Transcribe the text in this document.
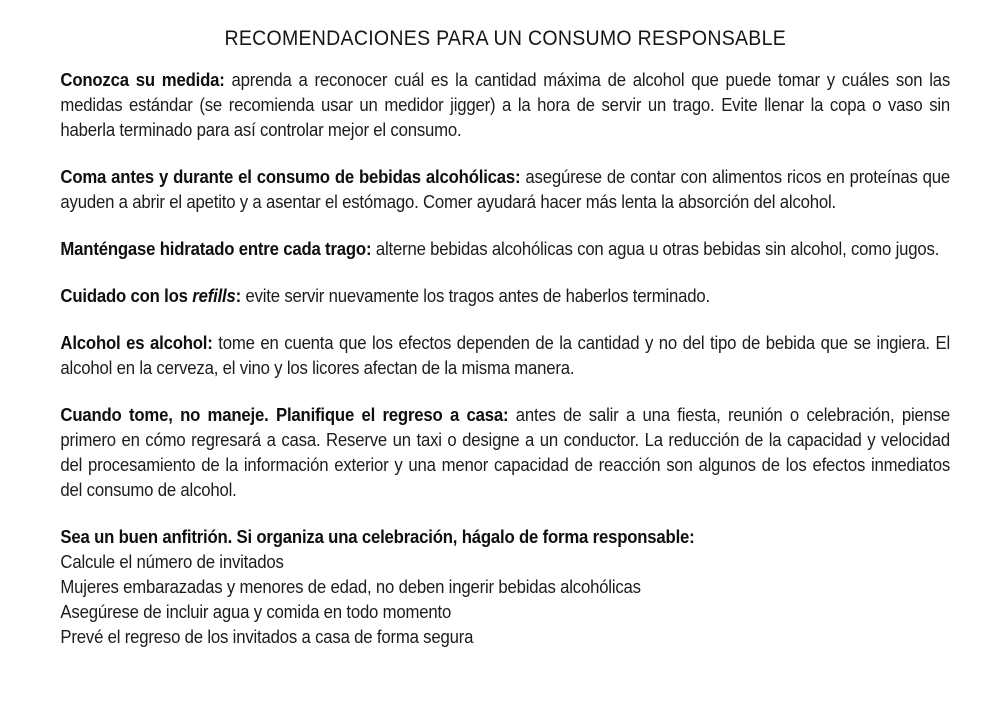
RECOMENDACIONES PARA UN CONSUMO RESPONSABLE

Conozca su medida: aprenda a reconocer cuál es la cantidad máxima de alcohol que puede tomar y cuáles son las medidas estándar (se recomienda usar un medidor jigger) a la hora de servir un trago. Evite llenar la copa o vaso sin haberla terminado para así controlar mejor el consumo.

Coma antes y durante el consumo de bebidas alcohólicas: asegúrese de contar con alimentos ricos en proteínas que ayuden a abrir el apetito y a asentar el estómago. Comer ayudará hacer más lenta la absorción del alcohol.

Manténgase hidratado entre cada trago: alterne bebidas alcohólicas con agua u otras bebidas sin alcohol, como jugos.

Cuidado con los refills: evite servir nuevamente los tragos antes de haberlos terminado.

Alcohol es alcohol: tome en cuenta que los efectos dependen de la cantidad y no del tipo de bebida que se ingiera. El alcohol en la cerveza, el vino y los licores afectan de la misma manera.

Cuando tome, no maneje. Planifique el regreso a casa: antes de salir a una fiesta, reunión o celebración, piense primero en cómo regresará a casa. Reserve un taxi o designe a un conductor. La reducción de la capacidad y velocidad del procesamiento de la información exterior y una menor capacidad de reacción son algunos de los efectos inmediatos del consumo de alcohol.

Sea un buen anfitrión. Si organiza una celebración, hágalo de forma responsable:

Calcule el número de invitados
Mujeres embarazadas y menores de edad, no deben ingerir bebidas alcohólicas
Asegúrese de incluir agua y comida en todo momento
Prevé el regreso de los invitados a casa de forma segura
